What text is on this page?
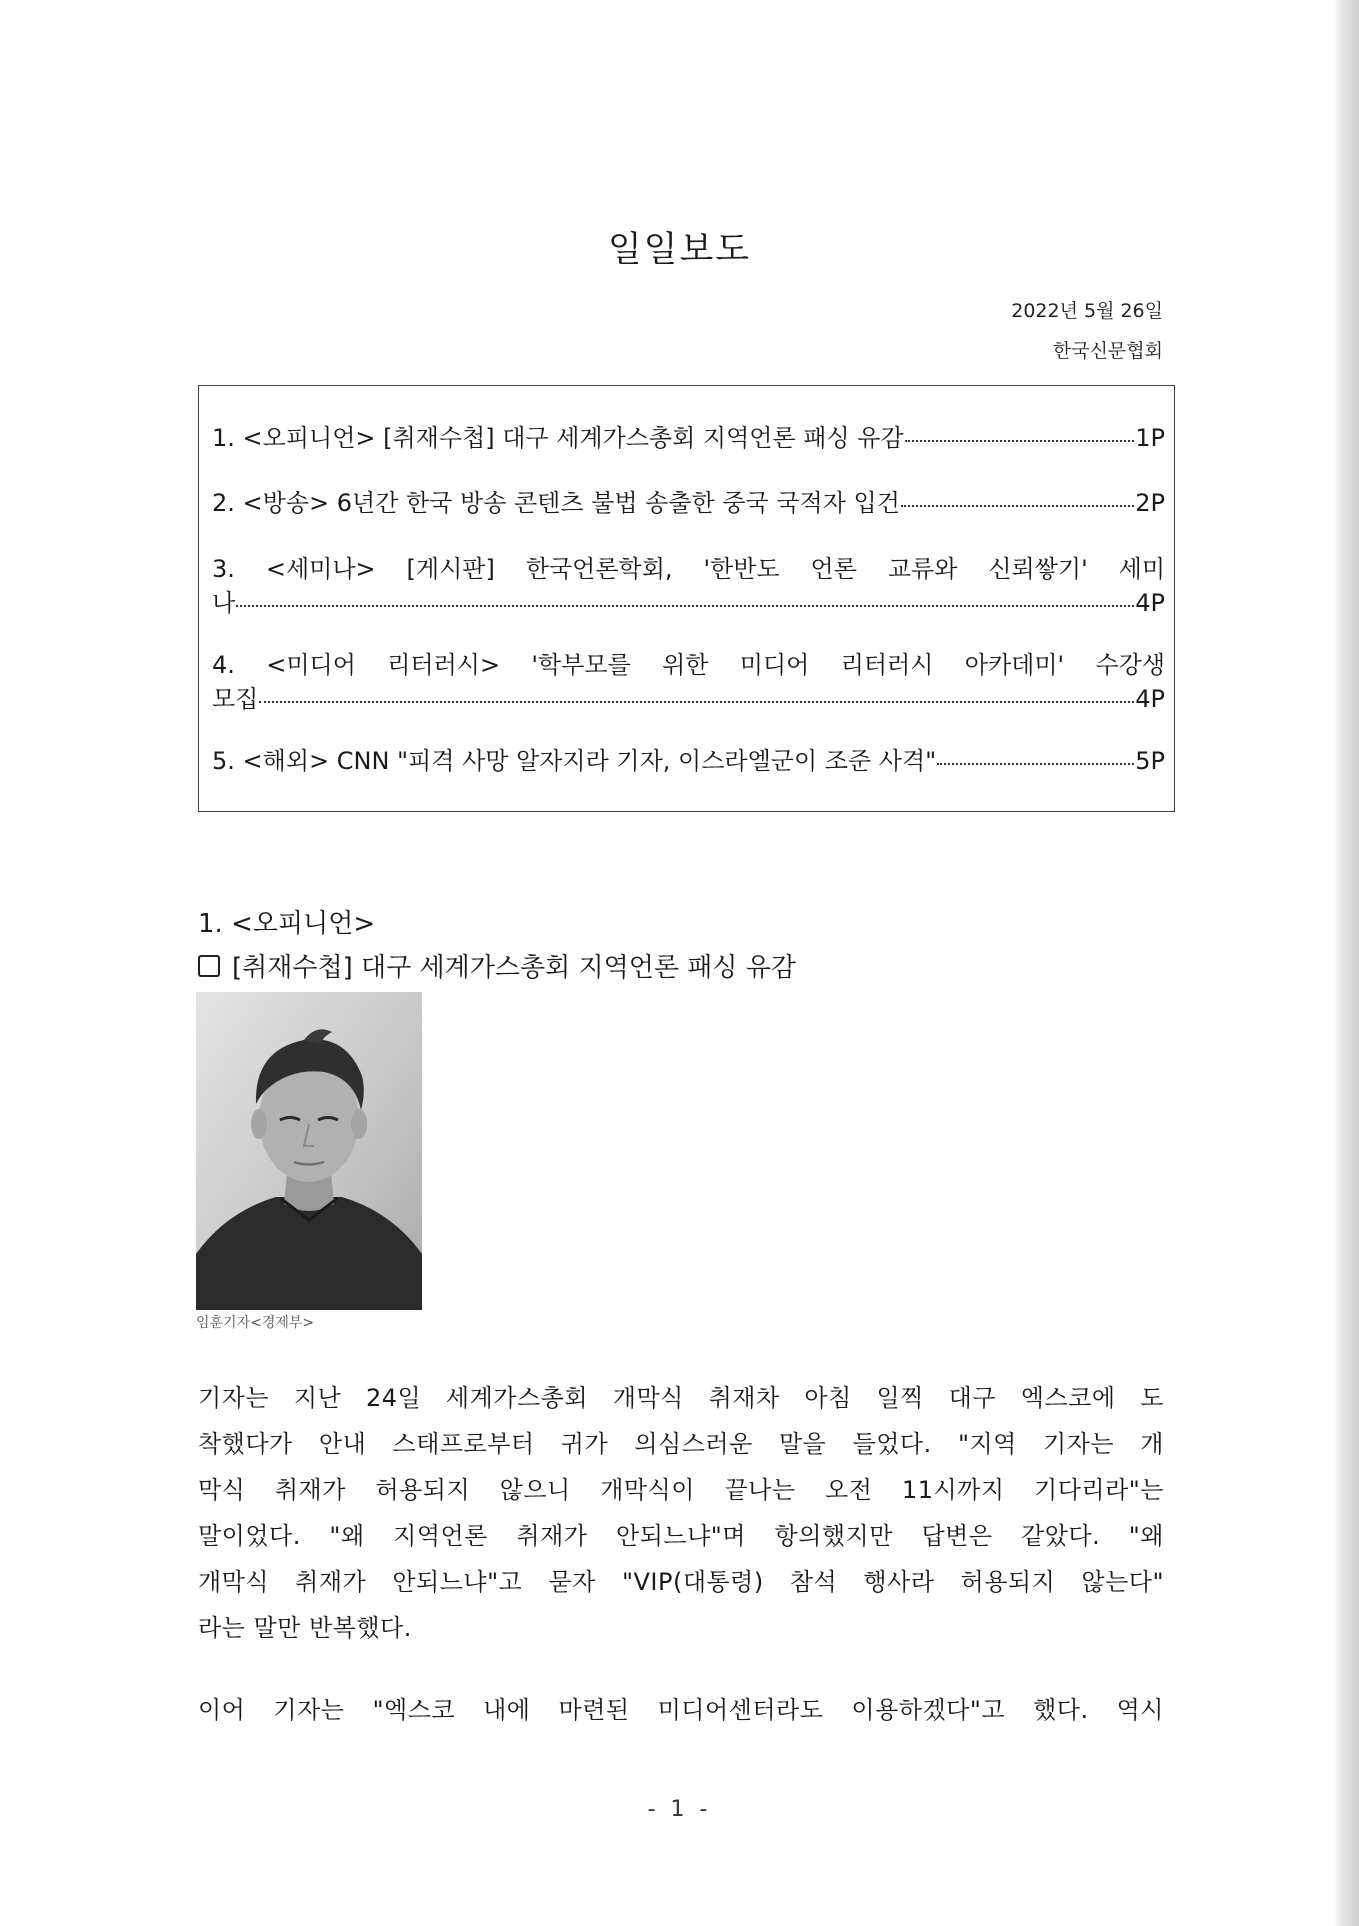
일일보도
2022년 5월 26일
한국신문협회
1. <오피니언> [취재수첩] 대구 세계가스총회 지역언론 패싱 유감	1P
2. <방송> 6년간 한국 방송 콘텐츠 불법 송출한 중국 국적자 입건	2P
3. <세미나> [게시판] 한국언론학회, '한반도 언론 교류와 신뢰쌓기' 세미
나	4P
4. <미디어 리터러시> '학부모를 위한 미디어 리터러시 아카데미' 수강생
모집	4P
5. <해외> CNN "피격 사망 알자지라 기자, 이스라엘군이 조준 사격"	5P
1. <오피니언>
[취재수첩] 대구 세계가스총회 지역언론 패싱 유감
임훈기자<경제부>
기자는 지난 24일 세계가스총회 개막식 취재차 아침 일찍 대구 엑스코에 도
착했다가 안내 스태프로부터 귀가 의심스러운 말을 들었다. "지역 기자는 개
막식 취재가 허용되지 않으니 개막식이 끝나는 오전 11시까지 기다리라"는
말이었다. "왜 지역언론 취재가 안되느냐"며 항의했지만 답변은 같았다. "왜
개막식 취재가 안되느냐"고 묻자 "VIP(대통령) 참석 행사라 허용되지 않는다"
라는 말만 반복했다.
이어 기자는 "엑스코 내에 마련된 미디어센터라도 이용하겠다"고 했다. 역시
- 1 -
